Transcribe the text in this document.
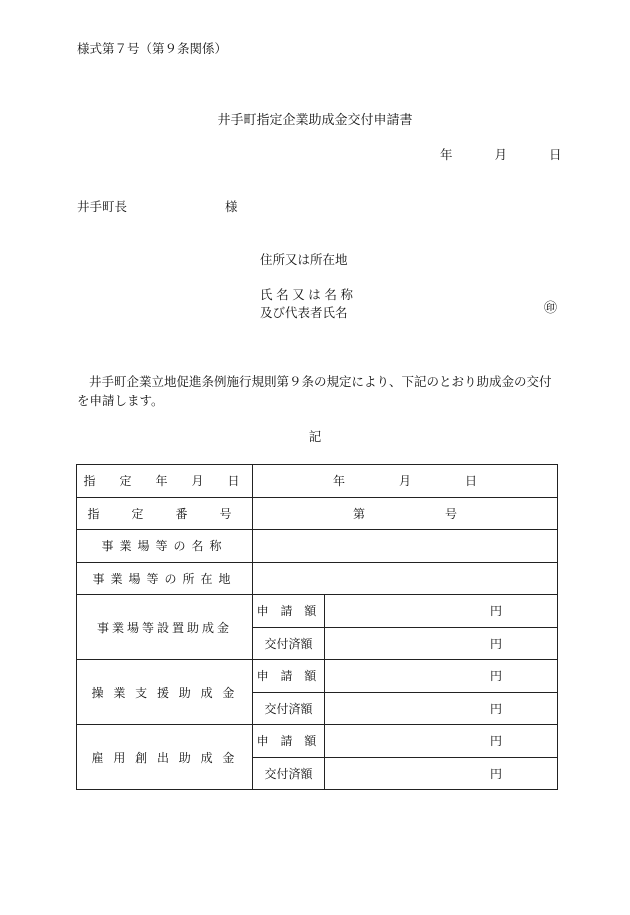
様式第７号（第９条関係）
井手町指定企業助成金交付申請書
年	月	日
井手町長	様
住所又は所在地
氏名又は名称
及び代表者氏名	㊞
井手町企業立地促進条例施行規則第９条の規定により、下記のとおり助成金の交付を申請します。
記
指　定　年　月　日	年 月 日	
指　定　番　号	第 号	
事業場等の名称		
事業場等の所在地		
事業場等設置助成金	申 請 額	円
	交付済額	円
操 業 支 援 助 成 金	申 請 額	円
	交付済額	円
雇 用 創 出 助 成 金	申 請 額	円
	交付済額	円
